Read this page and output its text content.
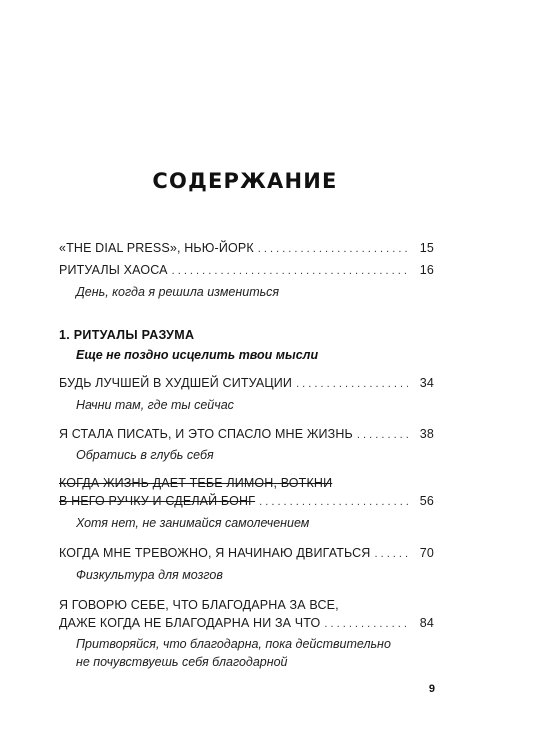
СОДЕРЖАНИЕ
«THE DIAL PRESS», НЬЮ-ЙОРК . . .	15
РИТУАЛЫ ХАОСА . . .	16
День, когда я решила измениться
1. РИТУАЛЫ РАЗУМА
Еще не поздно исцелить твои мысли
БУДЬ ЛУЧШЕЙ В ХУДШЕЙ СИТУАЦИИ . . .	34
Начни там, где ты сейчас
Я СТАЛА ПИСАТЬ, И ЭТО СПАСЛО МНЕ ЖИЗНЬ . . .	38
Обратись в глубь себя
КОГДА ЖИЗНЬ ДАЕТ ТЕБЕ ЛИМОН, ВОТКНИ
В НЕГО РУЧКУ И СДЕЛАЙ БОНГ . . .	56
Хотя нет, не занимайся самолечением
КОГДА МНЕ ТРЕВОЖНО, Я НАЧИНАЮ ДВИГАТЬСЯ . . .	70
Физкультура для мозгов
Я ГОВОРЮ СЕБЕ, ЧТО БЛАГОДАРНА ЗА ВСЕ,
ДАЖЕ КОГДА НЕ БЛАГОДАРНА НИ ЗА ЧТО . . .	84
Притворяйся, что благодарна, пока действительно
не почувствуешь себя благодарной
9
